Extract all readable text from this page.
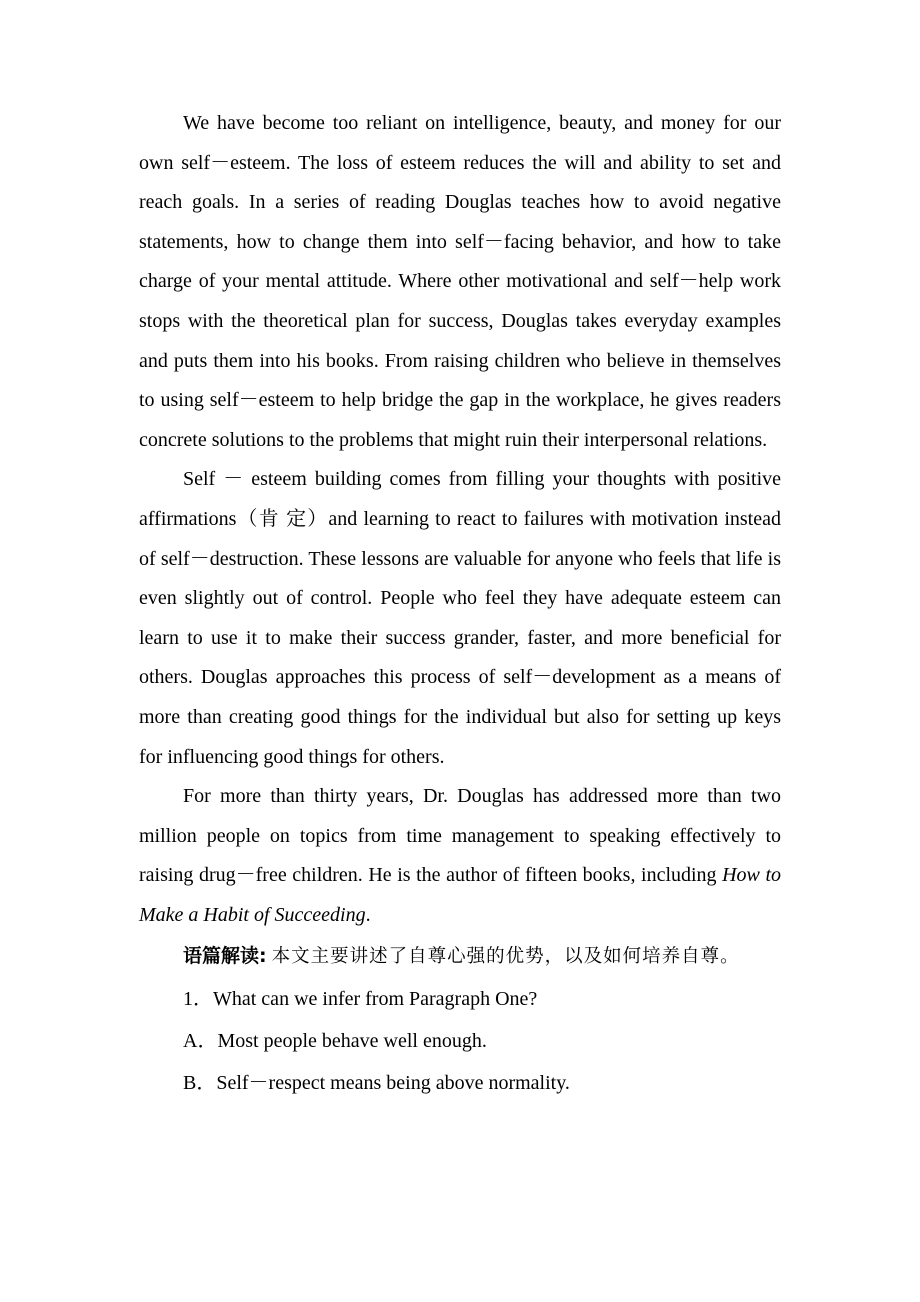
We have become too reliant on intelligence, beauty, and money for our own self－esteem. The loss of esteem reduces the will and ability to set and reach goals. In a series of reading Douglas teaches how to avoid negative statements, how to change them into self－facing behavior, and how to take charge of your mental attitude. Where other motivational and self－help work stops with the theoretical plan for success, Douglas takes everyday examples and puts them into his books. From raising children who believe in themselves to using self－esteem to help bridge the gap in the workplace, he gives readers concrete solutions to the problems that might ruin their interpersonal relations.

Self － esteem building comes from filling your thoughts with positive affirmations（肯 定）and learning to react to failures with motivation instead of self－destruction. These lessons are valuable for anyone who feels that life is even slightly out of control. People who feel they have adequate esteem can learn to use it to make their success grander, faster, and more beneficial for others. Douglas approaches this process of self－development as a means of more than creating good things for the individual but also for setting up keys for influencing good things for others.

For more than thirty years, Dr. Douglas has addressed more than two million people on topics from time management to speaking effectively to raising drug－free children. He is the author of fifteen books, including How to Make a Habit of Succeeding.

语篇解读: 本文主要讲述了自尊心强的优势，以及如何培养自尊。

1．What can we infer from Paragraph One?

A．Most people behave well enough.

B．Self－respect means being above normality.
